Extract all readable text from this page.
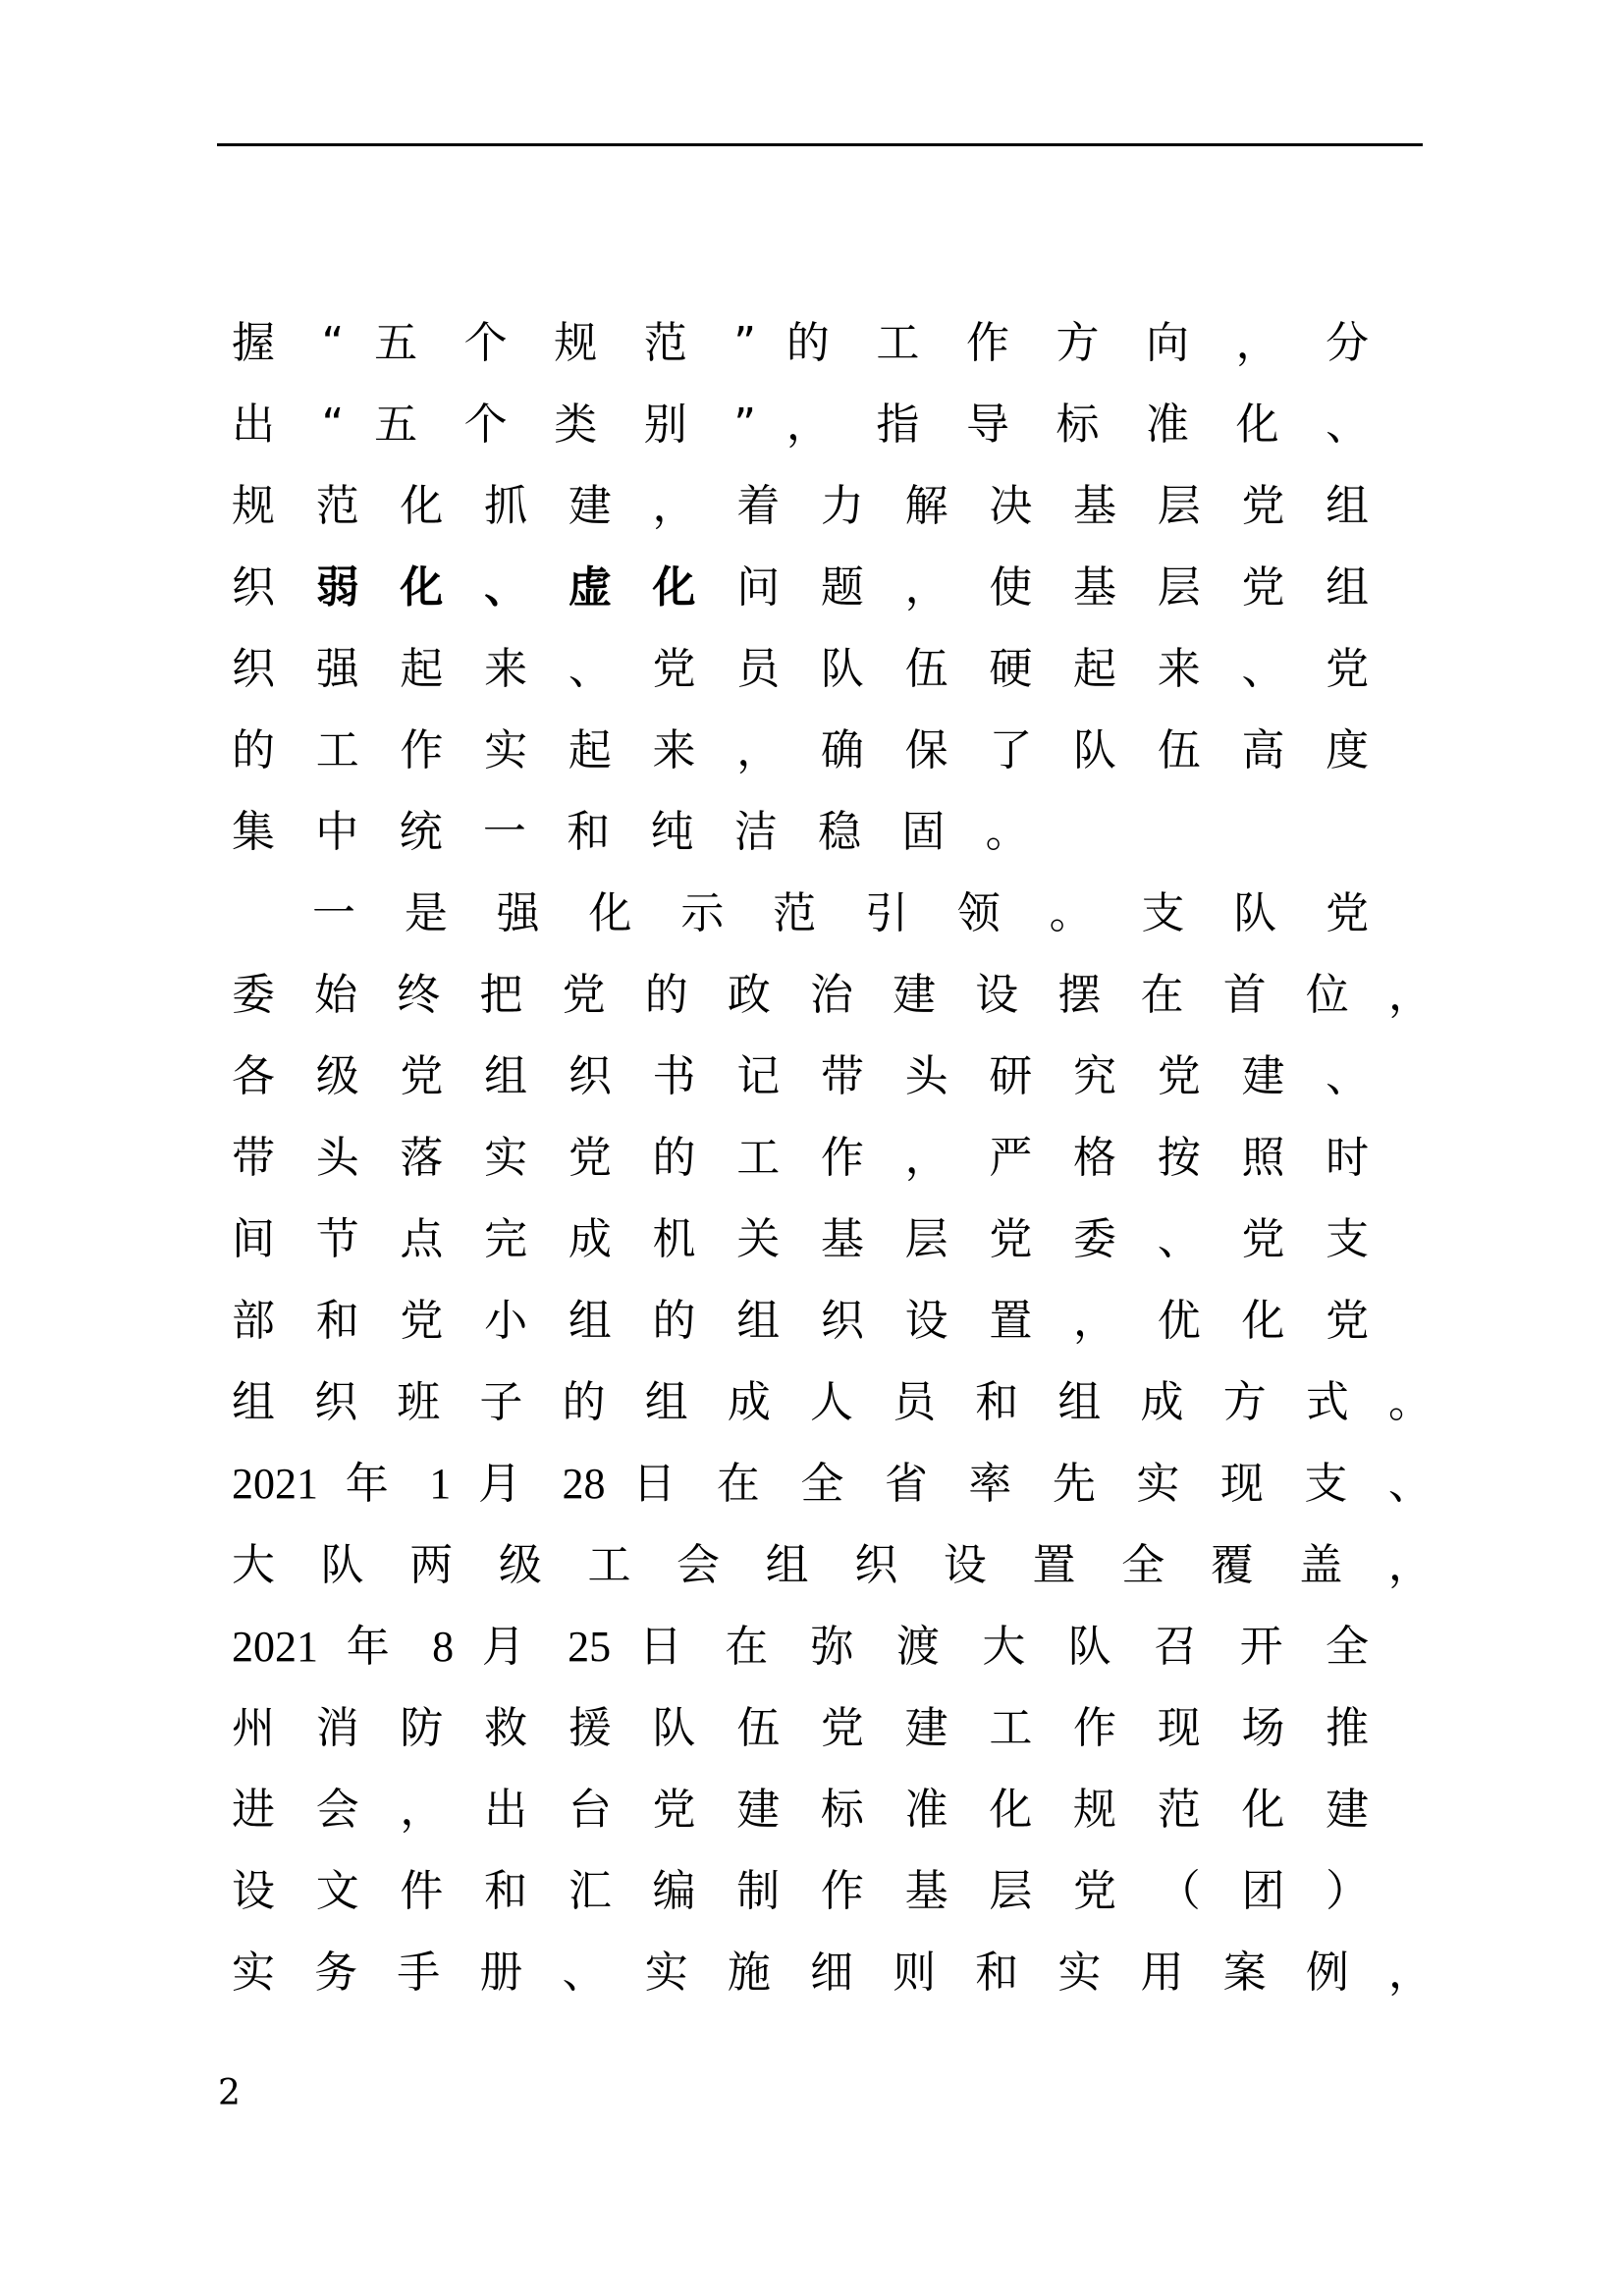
握 “ 五 个 规 范 ” 的 工 作 方 向 ， 分
出 “ 五 个 类 别 ” ， 指 导 标 准 化 、
规 范 化 抓 建 ， 着 力 解 决 基 层 党 组
织 弱 化 、 虚 化 问 题 ， 使 基 层 党 组
织 强 起 来 、 党 员 队 伍 硬 起 来 、 党
的 工 作 实 起 来 ， 确 保 了 队 伍 高 度
集 中 统 一 和 纯 洁 稳 固 。
一 是 强 化 示 范 引 领 。 支 队 党
委 始 终 把 党 的 政 治 建 设 摆 在 首 位 ，
各 级 党 组 织 书 记 带 头 研 究 党 建 、
带 头 落 实 党 的 工 作 ， 严 格 按 照 时
间 节 点 完 成 机 关 基 层 党 委 、 党 支
部 和 党 小 组 的 组 织 设 置 ， 优 化 党
组 织 班 子 的 组 成 人 员 和 组 成 方 式 。
2021 年 1 月 28 日 在 全 省 率 先 实 现 支 、
大 队 两 级 工 会 组 织 设 置 全 覆 盖 ，
2021 年 8 月 25 日 在 弥 渡 大 队 召 开 全
州 消 防 救 援 队 伍 党 建 工 作 现 场 推
进 会 ， 出 台 党 建 标 准 化 规 范 化 建
设 文 件 和 汇 编 制 作 基 层 党 （ 团 ）
实 务 手 册 、 实 施 细 则 和 实 用 案 例 ，
2
